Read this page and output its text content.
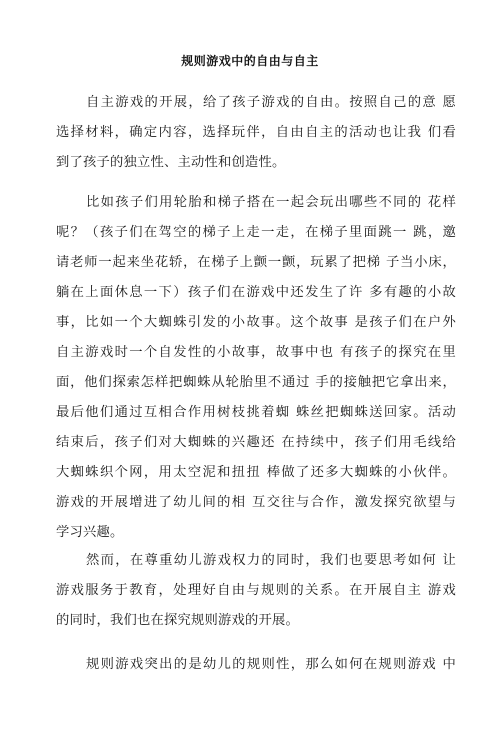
规则游戏中的自由与自主
自主游戏的开展，给了孩子游戏的自由。按照自己的意 愿
选择材料，确定内容，选择玩伴，自由自主的活动也让我 们看
到了孩子的独立性、主动性和创造性。
比如孩子们用轮胎和梯子搭在一起会玩出哪些不同的 花样
呢？（孩子们在驾空的梯子上走一走，在梯子里面跳一 跳，邀
请老师一起来坐花轿，在梯子上颤一颤，玩累了把梯 子当小床，
躺在上面休息一下）孩子们在游戏中还发生了许 多有趣的小故
事，比如一个大蜘蛛引发的小故事。这个故事 是孩子们在户外
自主游戏时一个自发性的小故事，故事中也 有孩子的探究在里
面，他们探索怎样把蜘蛛从轮胎里不通过 手的接触把它拿出来，
最后他们通过互相合作用树枝挑着蜘 蛛丝把蜘蛛送回家。活动
结束后，孩子们对大蜘蛛的兴趣还 在持续中，孩子们用毛线给
大蜘蛛织个网，用太空泥和扭扭 棒做了还多大蜘蛛的小伙伴。
游戏的开展增进了幼儿间的相 互交往与合作，激发探究欲望与
学习兴趣。
然而，在尊重幼儿游戏权力的同时，我们也要思考如何 让
游戏服务于教育，处理好自由与规则的关系。在开展自主 游戏
的同时，我们也在探究规则游戏的开展。
规则游戏突出的是幼儿的规则性，那么如何在规则游戏 中
